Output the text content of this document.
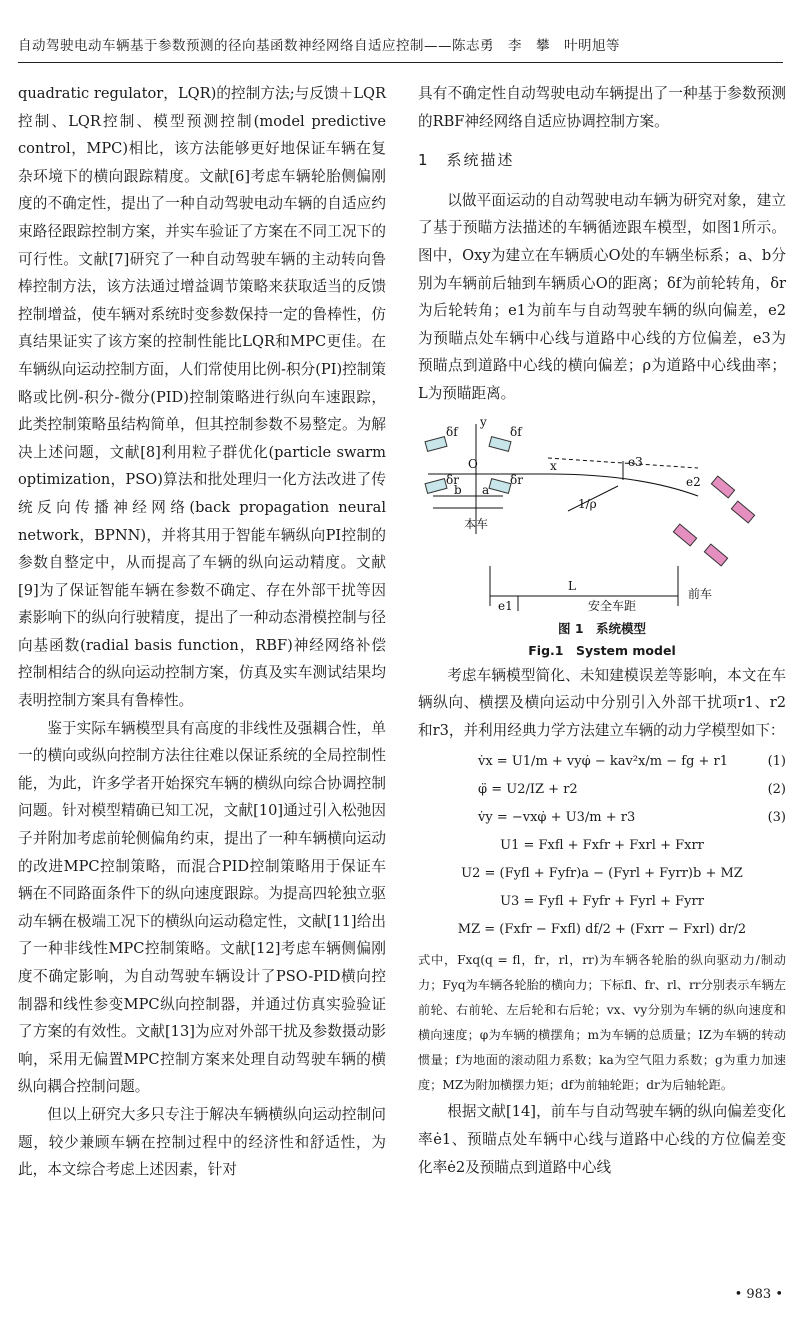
自动驾驶电动车辆基于参数预测的径向基函数神经网络自适应控制——陈志勇　李　攀　叶明旭等

quadratic regulator，LQR)的控制方法;与反馈＋LQR控制、LQR控制、模型预测控制(model predictive control，MPC)相比，该方法能够更好地保证车辆在复杂环境下的横向跟踪精度。文献[6]考虑车辆轮胎侧偏刚度的不确定性，提出了一种自动驾驶电动车辆的自适应约束路径跟踪控制方案，并实车验证了方案在不同工况下的可行性。文献[7]研究了一种自动驾驶车辆的主动转向鲁棒控制方法，该方法通过增益调节策略来获取适当的反馈控制增益，使车辆对系统时变参数保持一定的鲁棒性，仿真结果证实了该方案的控制性能比LQR和MPC更佳。在车辆纵向运动控制方面，人们常使用比例-积分(PI)控制策略或比例-积分-微分(PID)控制策略进行纵向车速跟踪，此类控制策略虽结构简单，但其控制参数不易整定。为解决上述问题，文献[8]利用粒子群优化(particle swarm optimization，PSO)算法和批处理归一化方法改进了传统反向传播神经网络(back propagation neural network，BPNN)，并将其用于智能车辆纵向PI控制的参数自整定中，从而提高了车辆的纵向运动精度。文献[9]为了保证智能车辆在参数不确定、存在外部干扰等因素影响下的纵向行驶精度，提出了一种动态滑模控制与径向基函数(radial basis function，RBF)神经网络补偿控制相结合的纵向运动控制方案，仿真及实车测试结果均表明控制方案具有鲁棒性。

鉴于实际车辆模型具有高度的非线性及强耦合性，单一的横向或纵向控制方法往往难以保证系统的全局控制性能，为此，许多学者开始探究车辆的横纵向综合协调控制问题。针对模型精确已知工况，文献[10]通过引入松弛因子并附加考虑前轮侧偏角约束，提出了一种车辆横向运动的改进MPC控制策略，而混合PID控制策略用于保证车辆在不同路面条件下的纵向速度跟踪。为提高四轮独立驱动车辆在极端工况下的横纵向运动稳定性，文献[11]给出了一种非线性MPC控制策略。文献[12]考虑车辆侧偏刚度不确定影响，为自动驾驶车辆设计了PSO-PID横向控制器和线性参变MPC纵向控制器，并通过仿真实验验证了方案的有效性。文献[13]为应对外部干扰及参数摄动影响，采用无偏置MPC控制方案来处理自动驾驶车辆的横纵向耦合控制问题。

但以上研究大多只专注于解决车辆横纵向运动控制问题，较少兼顾车辆在控制过程中的经济性和舒适性，为此，本文综合考虑上述因素，针对

具有不确定性自动驾驶电动车辆提出了一种基于参数预测的RBF神经网络自适应协调控制方案。

1　系统描述

以做平面运动的自动驾驶电动车辆为研究对象，建立了基于预瞄方法描述的车辆循迹跟车模型，如图1所示。图中，Oxy为建立在车辆质心O处的车辆坐标系；a、b分别为车辆前后轴到车辆质心O的距离；δf为前轮转角，δr为后轮转角；e1为前车与自动驾驶车辆的纵向偏差，e2为预瞄点处车辆中心线与道路中心线的方位偏差，e3为预瞄点到道路中心线的横向偏差；ρ为道路中心线曲率；L为预瞄距离。

y
x
O
δf	δf
δr	δr
e3
e2
1/ρ
b a
本车
L
e1	安全车距
前车
图 1　系统模型
Fig.1　System model

考虑车辆模型简化、未知建模误差等影响，本文在车辆纵向、横摆及横向运动中分别引入外部干扰项r1、r2和r3，并利用经典力学方法建立车辆的动力学模型如下：

v̇x = U1/m + vyφ̇ − kav²x/m − fg + r1	(1)
φ̈ = U2/IZ + r2	(2)
v̇y = −vxφ̇ + U3/m + r3	(3)
U1 = Fxfl + Fxfr + Fxrl + Fxrr
U2 = (Fyfl + Fyfr)a − (Fyrl + Fyrr)b + MZ
U3 = Fyfl + Fyfr + Fyrl + Fyrr
MZ = (Fxfr − Fxfl) df/2 + (Fxrr − Fxrl) dr/2

式中，Fxq(q = fl，fr，rl，rr)为车辆各轮胎的纵向驱动力/制动力；Fyq为车辆各轮胎的横向力；下标fl、fr、rl、rr分别表示车辆左前轮、右前轮、左后轮和右后轮；vx、vy分别为车辆的纵向速度和横向速度；φ为车辆的横摆角；m为车辆的总质量；IZ为车辆的转动惯量；f为地面的滚动阻力系数；ka为空气阻力系数；g为重力加速度；MZ为附加横摆力矩；df为前轴轮距；dr为后轴轮距。

根据文献[14]，前车与自动驾驶车辆的纵向偏差变化率ė1、预瞄点处车辆中心线与道路中心线的方位偏差变化率ė2及预瞄点到道路中心线

• 983 •
